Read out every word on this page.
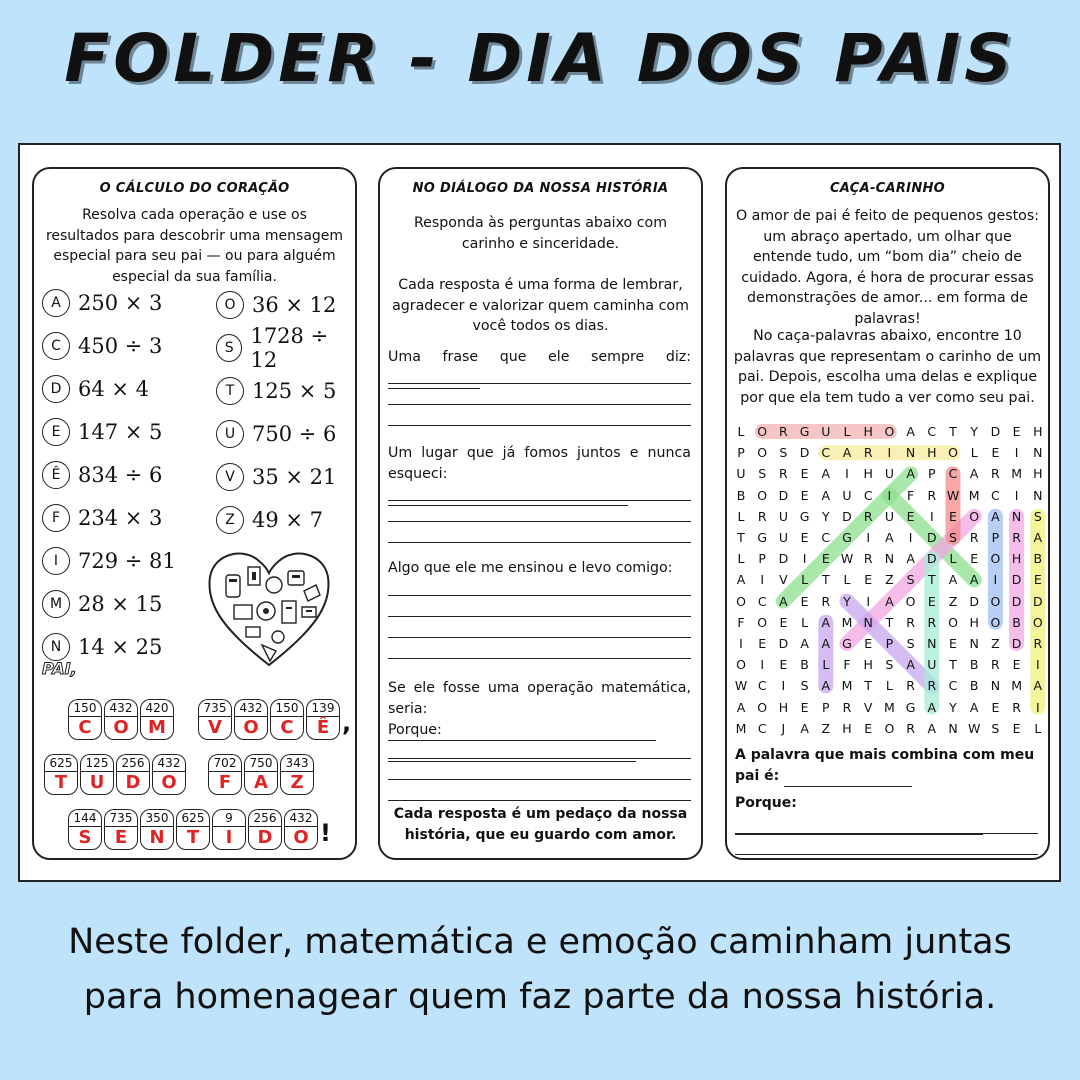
FOLDER - DIA DOS PAIS
O CÁLCULO DO CORAÇÃO
Resolva cada operação e use os resultados para descobrir uma mensagem especial para seu pai — ou para alguém especial da sua família.
A 250 × 3
C 450 ÷ 3
D 64 × 4
E 147 × 5
Ê 834 ÷ 6
F 234 × 3
I 729 ÷ 81
M 28 × 15
N 14 × 25
O 36 × 12
S 1728 ÷ 12
T 125 × 5
U 750 ÷ 6
V 35 × 21
Z 49 × 7
PAI,
150
C
432
O
420
M
735
V
432
O
150
C
139
Ê ,
625
T
125
U
256
D
432
O
702
F
750
A
343
Z
144
S
735
E
350
N
625
T
9
I
256
D
432
O !
NO DIÁLOGO DA NOSSA HISTÓRIA
Responda às perguntas abaixo com carinho e sinceridade.
Cada resposta é uma forma de lembrar, agradecer e valorizar quem caminha com você todos os dias.
Uma frase que ele sempre diz:
Um lugar que já fomos juntos e nunca esqueci:
Algo que ele me ensinou e levo comigo:
Se ele fosse uma operação matemática, seria:
Porque:
Cada resposta é um pedaço da nossa história, que eu guardo com amor.
CAÇA-CARINHO
O amor de pai é feito de pequenos gestos: um abraço apertado, um olhar que entende tudo, um “bom dia” cheio de cuidado. Agora, é hora de procurar essas demonstrações de amor... em forma de palavras!
No caça-palavras abaixo, encontre 10 palavras que representam o carinho de um pai. Depois, escolha uma delas e explique por que ela tem tudo a ver como seu pai.
L	O R G U	L	H O A	C	T	Y	D E	H
P	O S D C	A	R	I	N H O	L	E	I	N
U	S	R	E	A	I	H U A	P	C	A	R M H
B O D E	A U C	I	F	R W M C	I	N
L	R U G	Y	D R U	E	I	E O A N	S
T	G U	E	C G	I	A	I	D S	R	P	R	A
L	P	D	I	E W R N A D	L	E O H B
A	I	V	L	T	L	E	Z	S	T	A	A	I	D E
O C	A	E	R	Y	I	A O E	Z D O D D
F	O E	L	A M N	T	R	R O H O B O
I	E D A	A G E	P	S	N	E	N Z D R
O	I	E	B	L	F	H	S	A U	T	B	R	E	I
W C	I	S	A M T	L	R	R C	B N M A
A O H	E	P	R	V M G A	Y	A	E	R	I
M C	J	A	Z H	E O R	A N W S	E	L
A palavra que mais combina com meu pai é:
Porque:
Neste folder, matemática e emoção caminham juntas
para homenagear quem faz parte da nossa história.
